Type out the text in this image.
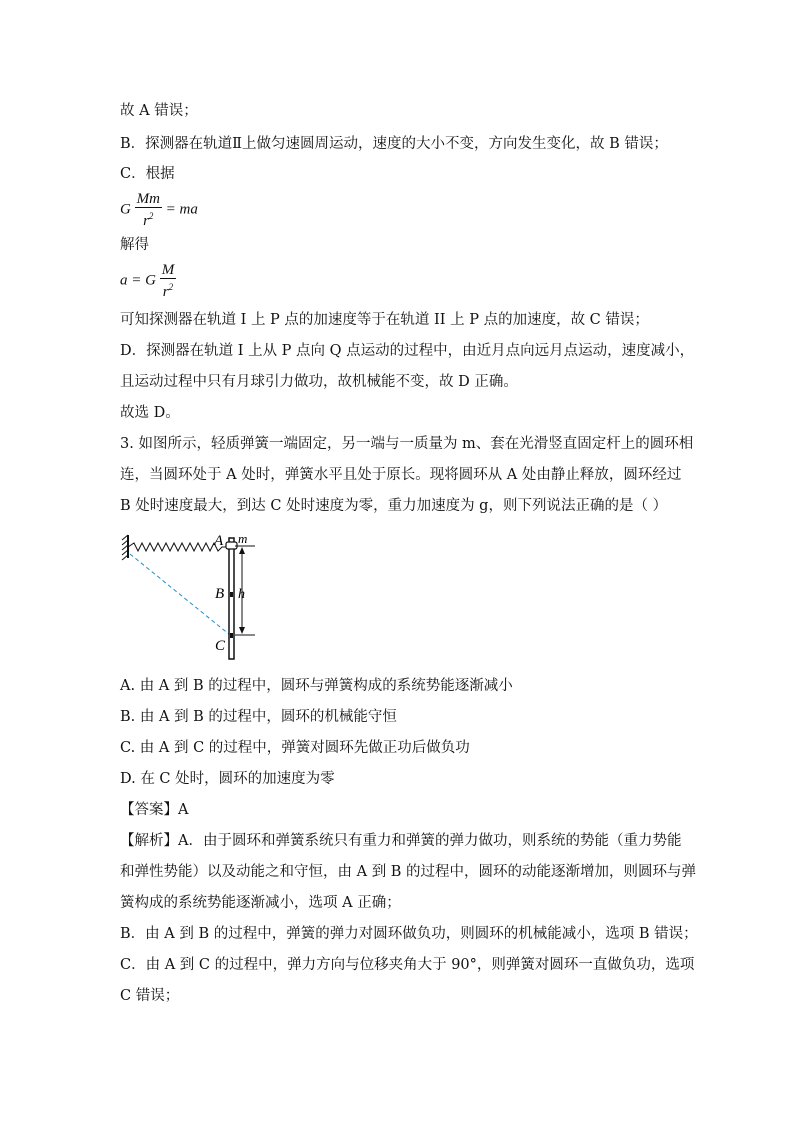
故 A 错误；
B．探测器在轨道Ⅱ上做匀速圆周运动，速度的大小不变，方向发生变化，故 B 错误；
C．根据
G $\frac{Mm}{r^2}$ = ma
解得
a = G $\frac{M}{r^2}$
可知探测器在轨道 I 上 P 点的加速度等于在轨道 II 上 P 点的加速度，故 C 错误；
D．探测器在轨道 I 上从 P 点向 Q 点运动的过程中，由近月点向远月点运动，速度减小，
且运动过程中只有月球引力做功，故机械能不变，故 D 正确。
故选 D。
3. 如图所示，轻质弹簧一端固定，另一端与一质量为 m、套在光滑竖直固定杆上的圆环相
连，当圆环处于 A 处时，弹簧水平且处于原长。现将圆环从 A 处由静止释放，圆环经过
B 处时速度最大，到达 C 处时速度为零，重力加速度为 g，则下列说法正确的是（ ）
A m
B h
C
A. 由 A 到 B 的过程中，圆环与弹簧构成的系统势能逐渐减小
B. 由 A 到 B 的过程中，圆环的机械能守恒
C. 由 A 到 C 的过程中，弹簧对圆环先做正功后做负功
D. 在 C 处时，圆环的加速度为零
【答案】A
【解析】A．由于圆环和弹簧系统只有重力和弹簧的弹力做功，则系统的势能（重力势能
和弹性势能）以及动能之和守恒，由 A 到 B 的过程中，圆环的动能逐渐增加，则圆环与弹
簧构成的系统势能逐渐减小，选项 A 正确；
B．由 A 到 B 的过程中，弹簧的弹力对圆环做负功，则圆环的机械能减小，选项 B 错误；
C．由 A 到 C 的过程中，弹力方向与位移夹角大于 90°，则弹簧对圆环一直做负功，选项
C 错误；
